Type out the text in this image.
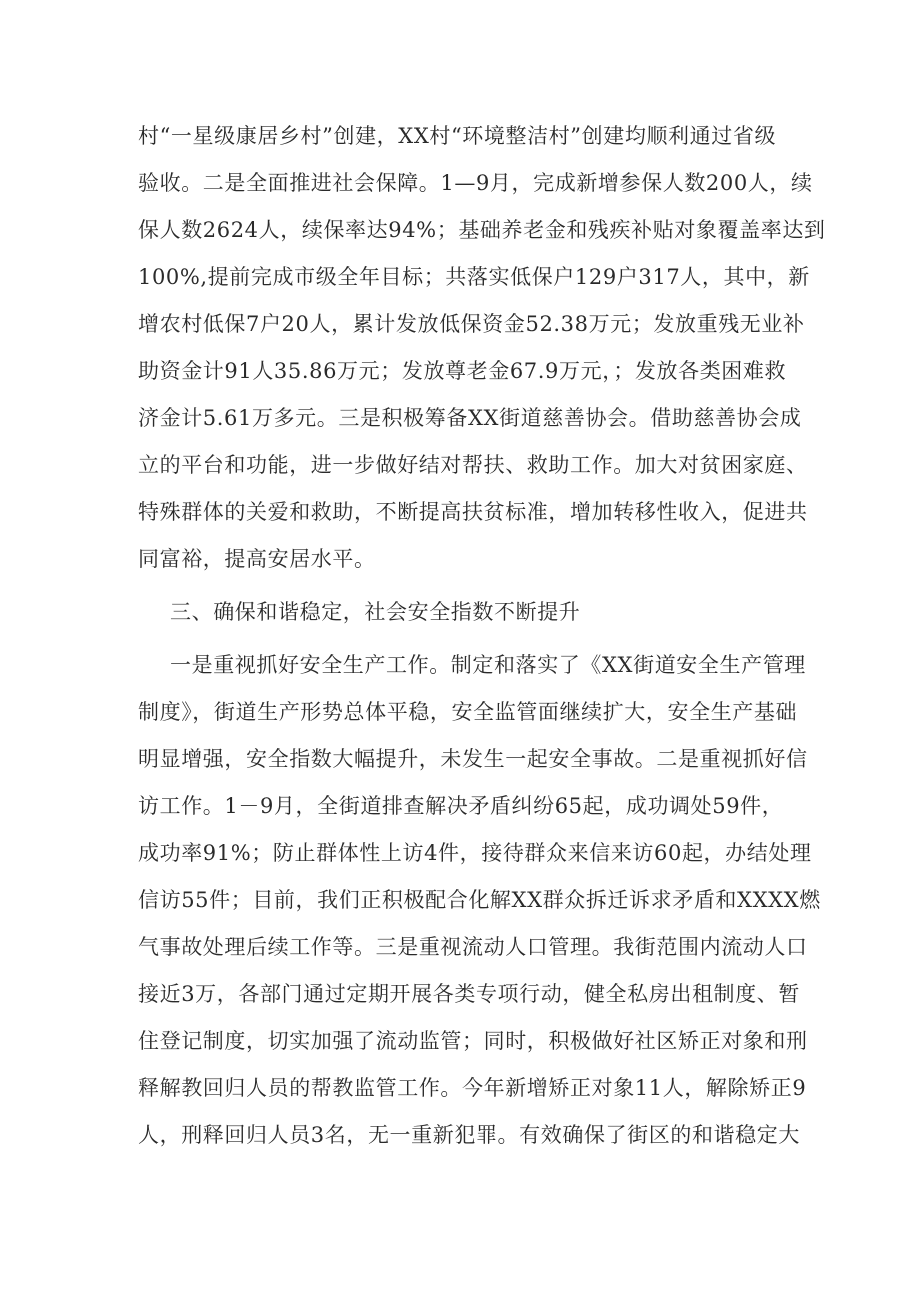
村“一星级康居乡村”创建，XX村“环境整洁村”创建均顺利通过省级
验收。二是全面推进社会保障。1—9月，完成新增参保人数200人，续
保人数2624人，续保率达94%；基础养老金和残疾补贴对象覆盖率达到
100%,提前完成市级全年目标；共落实低保户129户317人，其中，新
增农村低保7户20人，累计发放低保资金52.38万元；发放重残无业补
助资金计91人35.86万元；发放尊老金67.9万元，；发放各类困难救
济金计5.61万多元。三是积极筹备XX街道慈善协会。借助慈善协会成
立的平台和功能，进一步做好结对帮扶、救助工作。加大对贫困家庭、
特殊群体的关爱和救助，不断提高扶贫标准，增加转移性收入，促进共
同富裕，提高安居水平。
三、确保和谐稳定，社会安全指数不断提升
一是重视抓好安全生产工作。制定和落实了《XX街道安全生产管理
制度》，街道生产形势总体平稳，安全监管面继续扩大，安全生产基础
明显增强，安全指数大幅提升，未发生一起安全事故。二是重视抓好信
访工作。1－9月，全街道排查解决矛盾纠纷65起，成功调处59件，
成功率91%；防止群体性上访4件，接待群众来信来访60起，办结处理
信访55件；目前，我们正积极配合化解XX群众拆迁诉求矛盾和XXXX燃
气事故处理后续工作等。三是重视流动人口管理。我街范围内流动人口
接近3万，各部门通过定期开展各类专项行动，健全私房出租制度、暂
住登记制度，切实加强了流动监管；同时，积极做好社区矫正对象和刑
释解教回归人员的帮教监管工作。今年新增矫正对象11人，解除矫正9
人，刑释回归人员3名，无一重新犯罪。有效确保了街区的和谐稳定大
